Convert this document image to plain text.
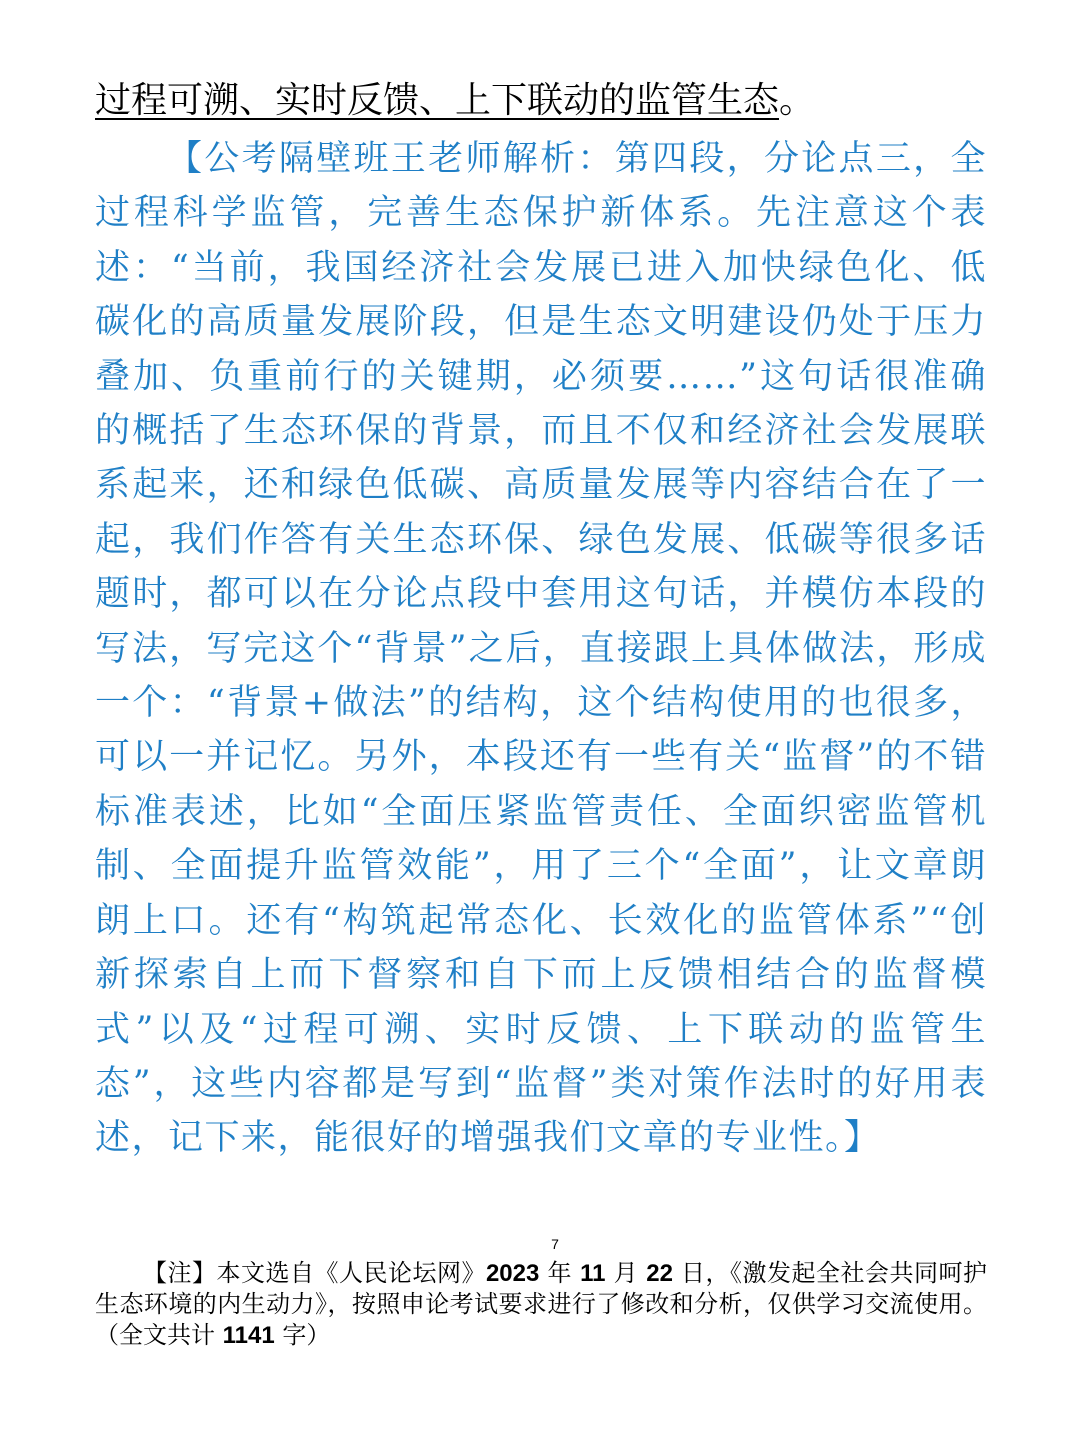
过程可溯、实时反馈、上下联动的监管生态。

【公考隔壁班王老师解析：第四段，分论点三，全过程科学监管，完善生态保护新体系。先注意这个表述：“当前，我国经济社会发展已进入加快绿色化、低碳化的高质量发展阶段，但是生态文明建设仍处于压力叠加、负重前行的关键期，必须要……”这句话很准确的概括了生态环保的背景，而且不仅和经济社会发展联系起来，还和绿色低碳、高质量发展等内容结合在了一起，我们作答有关生态环保、绿色发展、低碳等很多话题时，都可以在分论点段中套用这句话，并模仿本段的写法，写完这个“背景”之后，直接跟上具体做法，形成一个：“背景+做法”的结构，这个结构使用的也很多，可以一并记忆。另外，本段还有一些有关“监督”的不错标准表述，比如“全面压紧监管责任、全面织密监管机制、全面提升监管效能”，用了三个“全面”，让文章朗朗上口。还有“构筑起常态化、长效化的监管体系”“创新探索自上而下督察和自下而上反馈相结合的监督模式”以及“过程可溯、实时反馈、上下联动的监管生态”，这些内容都是写到“监督”类对策作法时的好用表述，记下来，能很好的增强我们文章的专业性。】

7

【注】本文选自《人民论坛网》2023 年 11 月 22 日，《激发起全社会共同呵护生态环境的内生动力》，按照申论考试要求进行了修改和分析，仅供学习交流使用。（全文共计 1141 字）
